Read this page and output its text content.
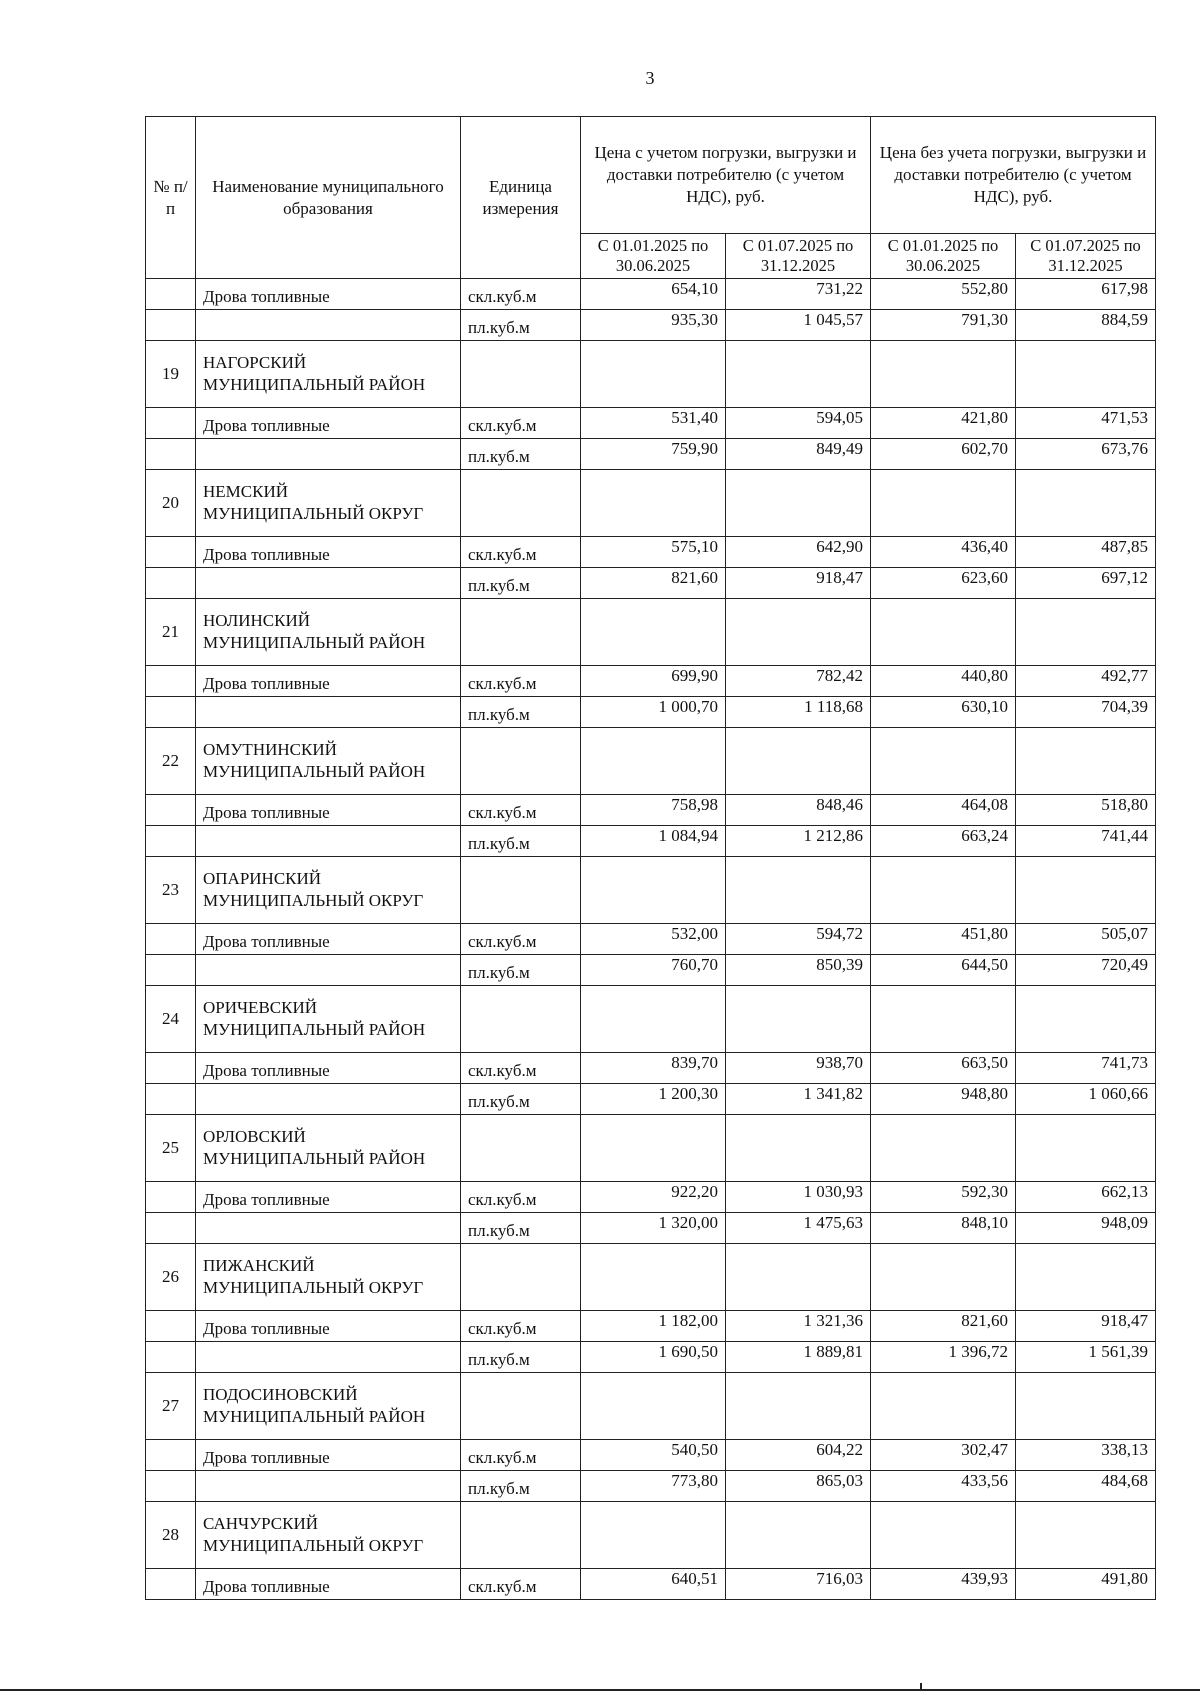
3
№ п/п	Наименование муниципального образования	Единица измерения	Цена с учетом погрузки, выгрузки и доставки потребителю (с учетом НДС), руб.		Цена без учета погрузки, выгрузки и доставки потребителю (с учетом НДС), руб.	
			С 01.01.2025 по 30.06.2025	С 01.07.2025 по 31.12.2025	С 01.01.2025 по 30.06.2025	С 01.07.2025 по 31.12.2025
	Дрова топливные	скл.куб.м	654,10	731,22	552,80	617,98
		пл.куб.м	935,30	1 045,57	791,30	884,59
19	НАГОРСКИЙ МУНИЦИПАЛЬНЫЙ РАЙОН					
	Дрова топливные	скл.куб.м	531,40	594,05	421,80	471,53
		пл.куб.м	759,90	849,49	602,70	673,76
20	НЕМСКИЙ МУНИЦИПАЛЬНЫЙ ОКРУГ					
	Дрова топливные	скл.куб.м	575,10	642,90	436,40	487,85
		пл.куб.м	821,60	918,47	623,60	697,12
21	НОЛИНСКИЙ МУНИЦИПАЛЬНЫЙ РАЙОН					
	Дрова топливные	скл.куб.м	699,90	782,42	440,80	492,77
		пл.куб.м	1 000,70	1 118,68	630,10	704,39
22	ОМУТНИНСКИЙ МУНИЦИПАЛЬНЫЙ РАЙОН					
	Дрова топливные	скл.куб.м	758,98	848,46	464,08	518,80
		пл.куб.м	1 084,94	1 212,86	663,24	741,44
23	ОПАРИНСКИЙ МУНИЦИПАЛЬНЫЙ ОКРУГ					
	Дрова топливные	скл.куб.м	532,00	594,72	451,80	505,07
		пл.куб.м	760,70	850,39	644,50	720,49
24	ОРИЧЕВСКИЙ МУНИЦИПАЛЬНЫЙ РАЙОН					
	Дрова топливные	скл.куб.м	839,70	938,70	663,50	741,73
		пл.куб.м	1 200,30	1 341,82	948,80	1 060,66
25	ОРЛОВСКИЙ МУНИЦИПАЛЬНЫЙ РАЙОН					
	Дрова топливные	скл.куб.м	922,20	1 030,93	592,30	662,13
		пл.куб.м	1 320,00	1 475,63	848,10	948,09
26	ПИЖАНСКИЙ МУНИЦИПАЛЬНЫЙ ОКРУГ					
	Дрова топливные	скл.куб.м	1 182,00	1 321,36	821,60	918,47
		пл.куб.м	1 690,50	1 889,81	1 396,72	1 561,39
27	ПОДОСИНОВСКИЙ МУНИЦИПАЛЬНЫЙ РАЙОН					
	Дрова топливные	скл.куб.м	540,50	604,22	302,47	338,13
		пл.куб.м	773,80	865,03	433,56	484,68
28	САНЧУРСКИЙ МУНИЦИПАЛЬНЫЙ ОКРУГ					
	Дрова топливные	скл.куб.м	640,51	716,03	439,93	491,80
